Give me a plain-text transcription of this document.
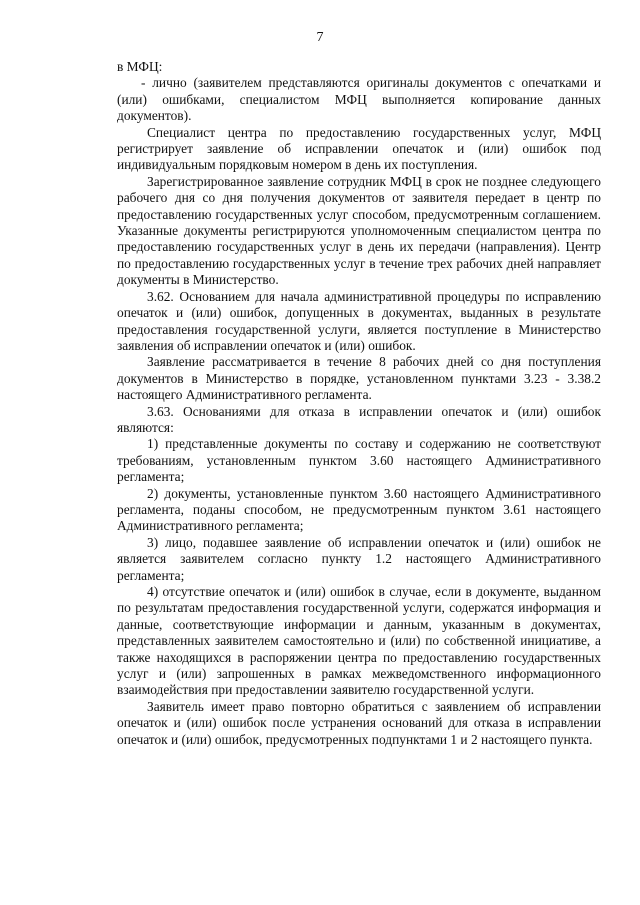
7

в МФЦ:

- лично (заявителем представляются оригиналы документов с опечатками и (или) ошибками, специалистом МФЦ выполняется копирование данных документов).

Специалист центра по предоставлению государственных услуг, МФЦ регистрирует заявление об исправлении опечаток и (или) ошибок под индивидуальным порядковым номером в день их поступления.

Зарегистрированное заявление сотрудник МФЦ в срок не позднее следующего рабочего дня со дня получения документов от заявителя передает в центр по предоставлению государственных услуг способом, предусмотренным соглашением. Указанные документы регистрируются уполномоченным специалистом центра по предоставлению государственных услуг в день их передачи (направления). Центр по предоставлению государственных услуг в течение трех рабочих дней направляет документы в Министерство.

3.62. Основанием для начала административной процедуры по исправлению опечаток и (или) ошибок, допущенных в документах, выданных в результате предоставления государственной услуги, является поступление в Министерство заявления об исправлении опечаток и (или) ошибок.

Заявление рассматривается в течение 8 рабочих дней со дня поступления документов в Министерство в порядке, установленном пунктами 3.23 - 3.38.2 настоящего Административного регламента.

3.63. Основаниями для отказа в исправлении опечаток и (или) ошибок являются:

1) представленные документы по составу и содержанию не соответствуют требованиям, установленным пунктом 3.60 настоящего Административного регламента;

2) документы, установленные пунктом 3.60 настоящего Административного регламента, поданы способом, не предусмотренным пунктом 3.61 настоящего Административного регламента;

3) лицо, подавшее заявление об исправлении опечаток и (или) ошибок не является заявителем согласно пункту 1.2 настоящего Административного регламента;

4) отсутствие опечаток и (или) ошибок в случае, если в документе, выданном по результатам предоставления государственной услуги, содержатся информация и данные, соответствующие информации и данным, указанным в документах, представленных заявителем самостоятельно и (или) по собственной инициативе, а также находящихся в распоряжении центра по предоставлению государственных услуг и (или) запрошенных в рамках межведомственного информационного взаимодействия при предоставлении заявителю государственной услуги.

Заявитель имеет право повторно обратиться с заявлением об исправлении опечаток и (или) ошибок после устранения оснований для отказа в исправлении опечаток и (или) ошибок, предусмотренных подпунктами 1 и 2 настоящего пункта.
